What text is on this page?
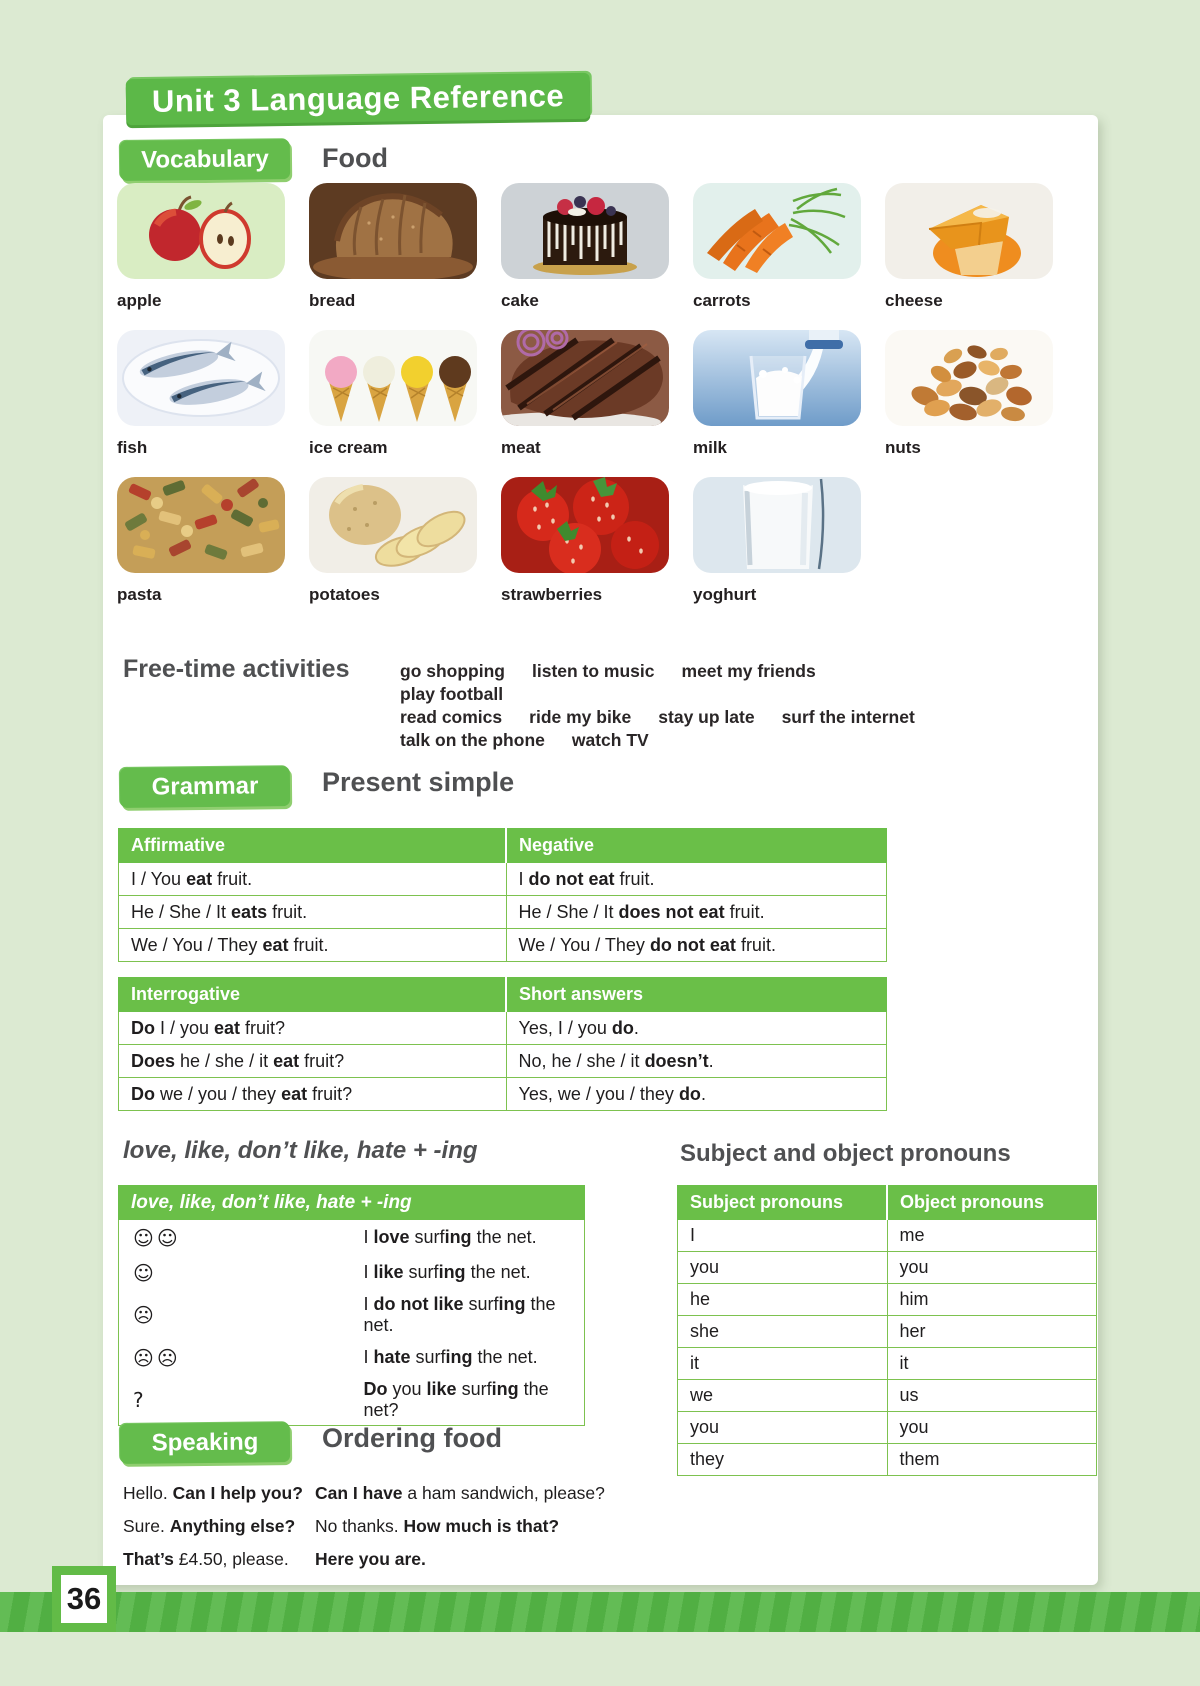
Unit 3 Language Reference
Vocabulary	Food
apple	bread	cake	carrots	cheese
fish	ice cream	meat	milk	nuts
pasta	potatoes	strawberries	yoghurt
Free-time activities	go shopping listen to music meet my friendsplay football
read comics ride my bike stay up late surf the internet
talk on the phone watch TV
Grammar	Present simple
Affirmative	Negative
I / You eat fruit.	I do not eat fruit.
He / She / It eats fruit.	He / She / It does not eat fruit.
We / You / They eat fruit.	We / You / They do not eat fruit.
Interrogative	Short answers
Do I / you eat fruit?	Yes, I / you do.
Does he / she / it eat fruit?	No, he / she / it doesn’t.
Do we / you / they eat fruit?	Yes, we / you / they do.
love, like, don’t like, hate + -ing	Subject and object pronouns
love, like, don’t like, hate + -ing	
☺☺	I love surfing the net.
☺	I like surfing the net.
☹	I do not like surfing the net.
☹☹	I hate surfing the net.
?	Do you like surfing the net?
Subject pronouns	Object pronouns
I	me
you	you
he	him
she	her
it	it
we	us
you	you
they	them
Speaking	Ordering food
Hello. Can I help you? Can I have a ham sandwich, please?
Sure. Anything else?	No thanks. How much is that?
That’s £4.50, please.	Here you are.
36
